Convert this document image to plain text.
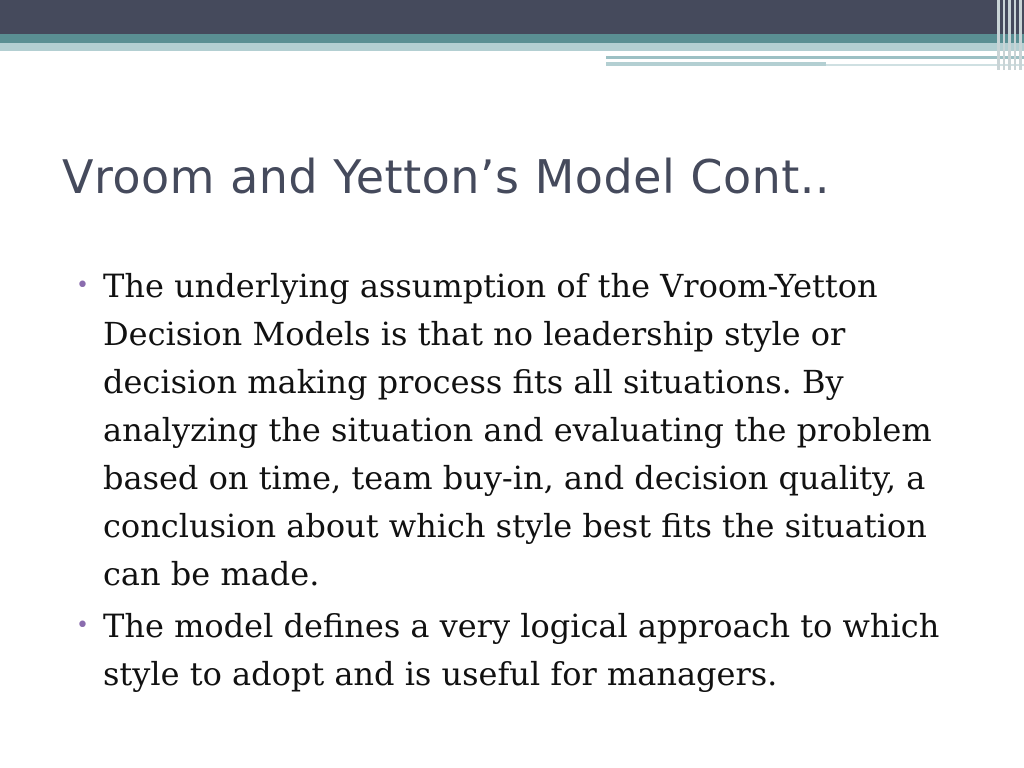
Vroom and Yetton’s Model Cont..
• The underlying assumption of the Vroom-Yetton Decision Models is that no leadership style or decision making process fits all situations. By analyzing the situation and evaluating the problem based on time, team buy-in, and decision quality, a conclusion about which style best fits the situation can be made.
• The model defines a very logical approach to which style to adopt and is useful for managers.
